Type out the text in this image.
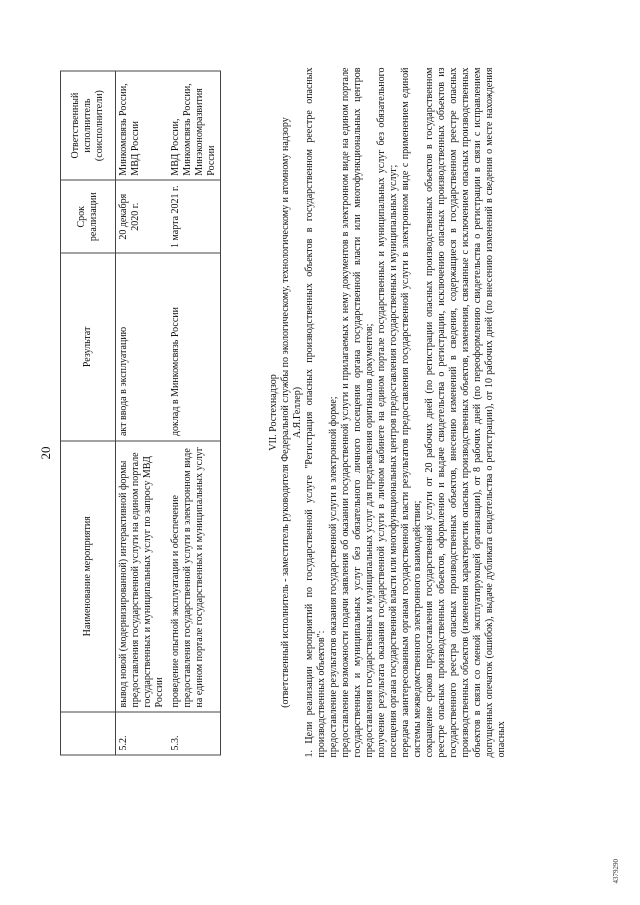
20
	Наименование мероприятия	Результат	Срок реализации	Ответственный исполнитель (соисполнители)
5.2.	вывод новой (модернизированной) интерактивной формы предоставления государственной услуги на едином портале государственных и муниципальных услуг по запросу МВД России	акт ввода в эксплуатацию	20 декабря 2020 г.	Минкомсвязь России, МВД России
5.3.	проведение опытной эксплуатации и обеспечение предоставления государственной услуги в электронном виде на едином портале государственных и муниципальных услуг	доклад в Минкомсвязь России	1 марта 2021 г.	МВД России, Минкомсвязь России, Минэкономразвития России
VII. Ростехнадзор (ответственный исполнитель - заместитель руководителя Федеральной службы по экологическому, технологическому и атомному надзору А.Я.Геллер) 1. Цели реализации мероприятий по государственной услуге "Регистрация опасных производственных объектов в государственном реестре опасных производственных объектов": предоставление результатов оказания государственной услуги в электронной форме; предоставление возможности подачи заявления об оказании государственной услуги и прилагаемых к нему документов в электронном виде на едином портале государственных и муниципальных услуг без обязательного личного посещения органа государственной власти или многофункциональных центров предоставления государственных и муниципальных услуг для предъявления оригиналов документов; получение результата оказания государственной услуги в личном кабинете на едином портале государственных и муниципальных услуг без обязательного посещения органа государственной власти или многофункциональных центров предоставления государственных и муниципальных услуг; передача заинтересованным органам государственной власти результатов предоставления государственной услуги в электронном виде с применением единой системы межведомственного электронного взаимодействия; сокращение сроков предоставления государственной услуги от 20 рабочих дней (по регистрации опасных производственных объектов в государственном реестре опасных производственных объектов, оформлению и выдаче свидетельства о регистрации, исключению опасных производственных объектов из государственного реестра опасных производственных объектов, внесению изменений в сведения, содержащиеся в государственном реестре опасных производственных объектов (изменения характеристик опасных производственных объектов, изменения, связанные с исключением опасных производственных объектов в связи со сменой эксплуатирующей организации), от 8 рабочих дней (по переоформлению свидетельства о регистрации в связи с исправлением допущенных опечаток (ошибок), выдаче дубликата свидетельства о регистрации), от 10 рабочих дней (по внесению изменений в сведения о месте нахождения опасных

4379290
